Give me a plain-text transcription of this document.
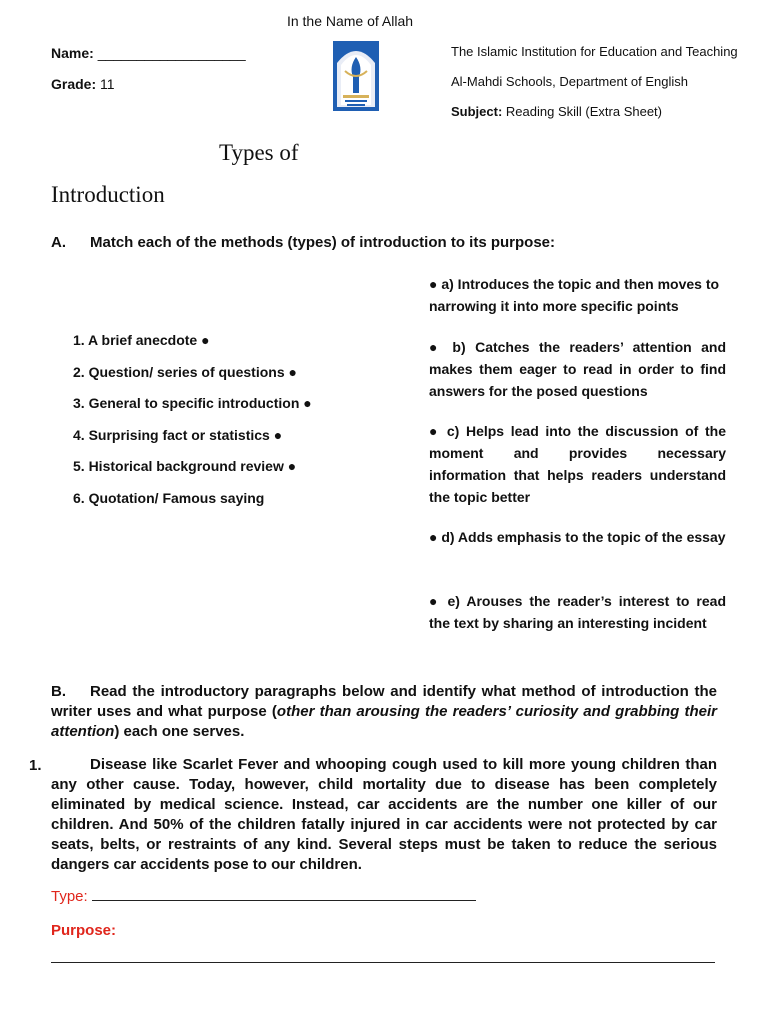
In the Name of Allah
Name: ___________________
Grade: 11
The Islamic Institution for Education and Teaching
Al-Mahdi Schools, Department of English
Subject: Reading Skill (Extra Sheet)
Types of
Introduction
A. Match each of the methods (types) of introduction to its purpose:
1. A brief anecdote ●
2. Question/ series of questions ●
3. General to specific introduction ●
4. Surprising fact or statistics ●
5. Historical background review ●
6. Quotation/ Famous saying
● a) Introduces the topic and then moves to narrowing it into more specific points
● b) Catches the readers’ attention and makes them eager to read in order to find answers for the posed questions
● c) Helps lead into the discussion of the moment and provides necessary information that helps readers understand the topic better
● d) Adds emphasis to the topic of the essay
● e) Arouses the reader’s interest to read the text by sharing an interesting incident
B. Read the introductory paragraphs below and identify what method of introduction the writer uses and what purpose (other than arousing the readers’ curiosity and grabbing their attention) each one serves.
1.	Disease like Scarlet Fever and whooping cough used to kill more young children than any other cause. Today, however, child mortality due to disease has been completely eliminated by medical science. Instead, car accidents are the number one killer of our children. And 50% of the children fatally injured in car accidents were not protected by car seats, belts, or restraints of any kind. Several steps must be taken to reduce the serious dangers car accidents pose to our children.
Type:
Purpose:
